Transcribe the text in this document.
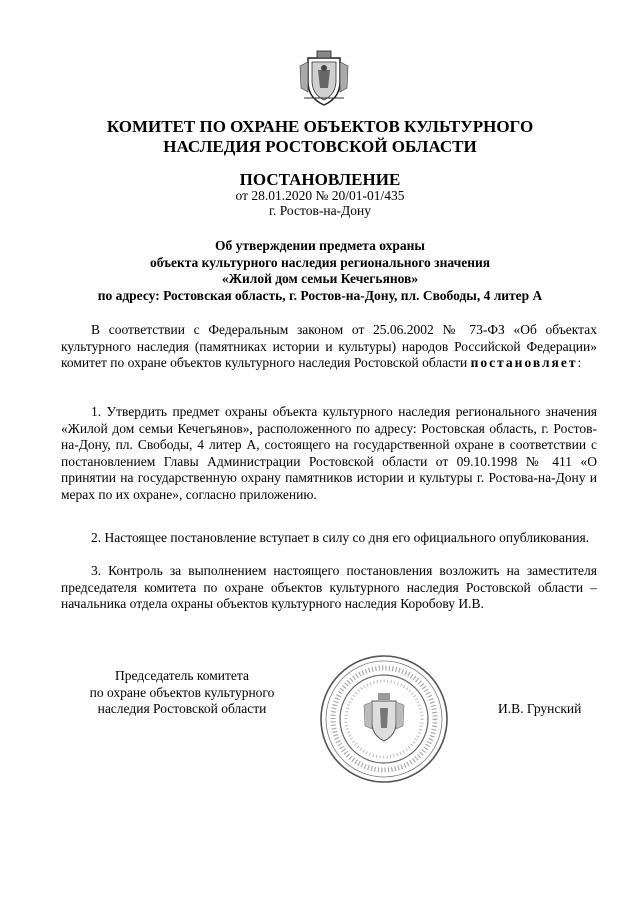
КОМИТЕТ ПО ОХРАНЕ ОБЪЕКТОВ КУЛЬТУРНОГО
НАСЛЕДИЯ РОСТОВСКОЙ ОБЛАСТИ
ПОСТАНОВЛЕНИЕ
от 28.01.2020 № 20/01-01/435
г. Ростов-на-Дону
Об утверждении предмета охраны
объекта культурного наследия регионального значения
«Жилой дом семьи Кечегьянов»
по адресу: Ростовская область, г. Ростов-на-Дону, пл. Свободы, 4 литер А
В соответствии с Федеральным законом от 25.06.2002 № 73-ФЗ «Об объектах культурного наследия (памятниках истории и культуры) народов Российской Федерации» комитет по охране объектов культурного наследия Ростовской области постановляет:
1. Утвердить предмет охраны объекта культурного наследия регионального значения «Жилой дом семьи Кечегьянов», расположенного по адресу: Ростовская область, г. Ростов-на-Дону, пл. Свободы, 4 литер А, состоящего на государственной охране в соответствии с постановлением Главы Администрации Ростовской области от 09.10.1998 № 411 «О принятии на государственную охрану памятников истории и культуры г. Ростова-на-Дону и мерах по их охране», согласно приложению.
2. Настоящее постановление вступает в силу со дня его официального опубликования.
3. Контроль за выполнением настоящего постановления возложить на заместителя председателя комитета по охране объектов культурного наследия Ростовской области – начальника отдела охраны объектов культурного наследия Коробову И.В.
Председатель комитета
по охране объектов культурного
наследия Ростовской области	И.В. Грунский
